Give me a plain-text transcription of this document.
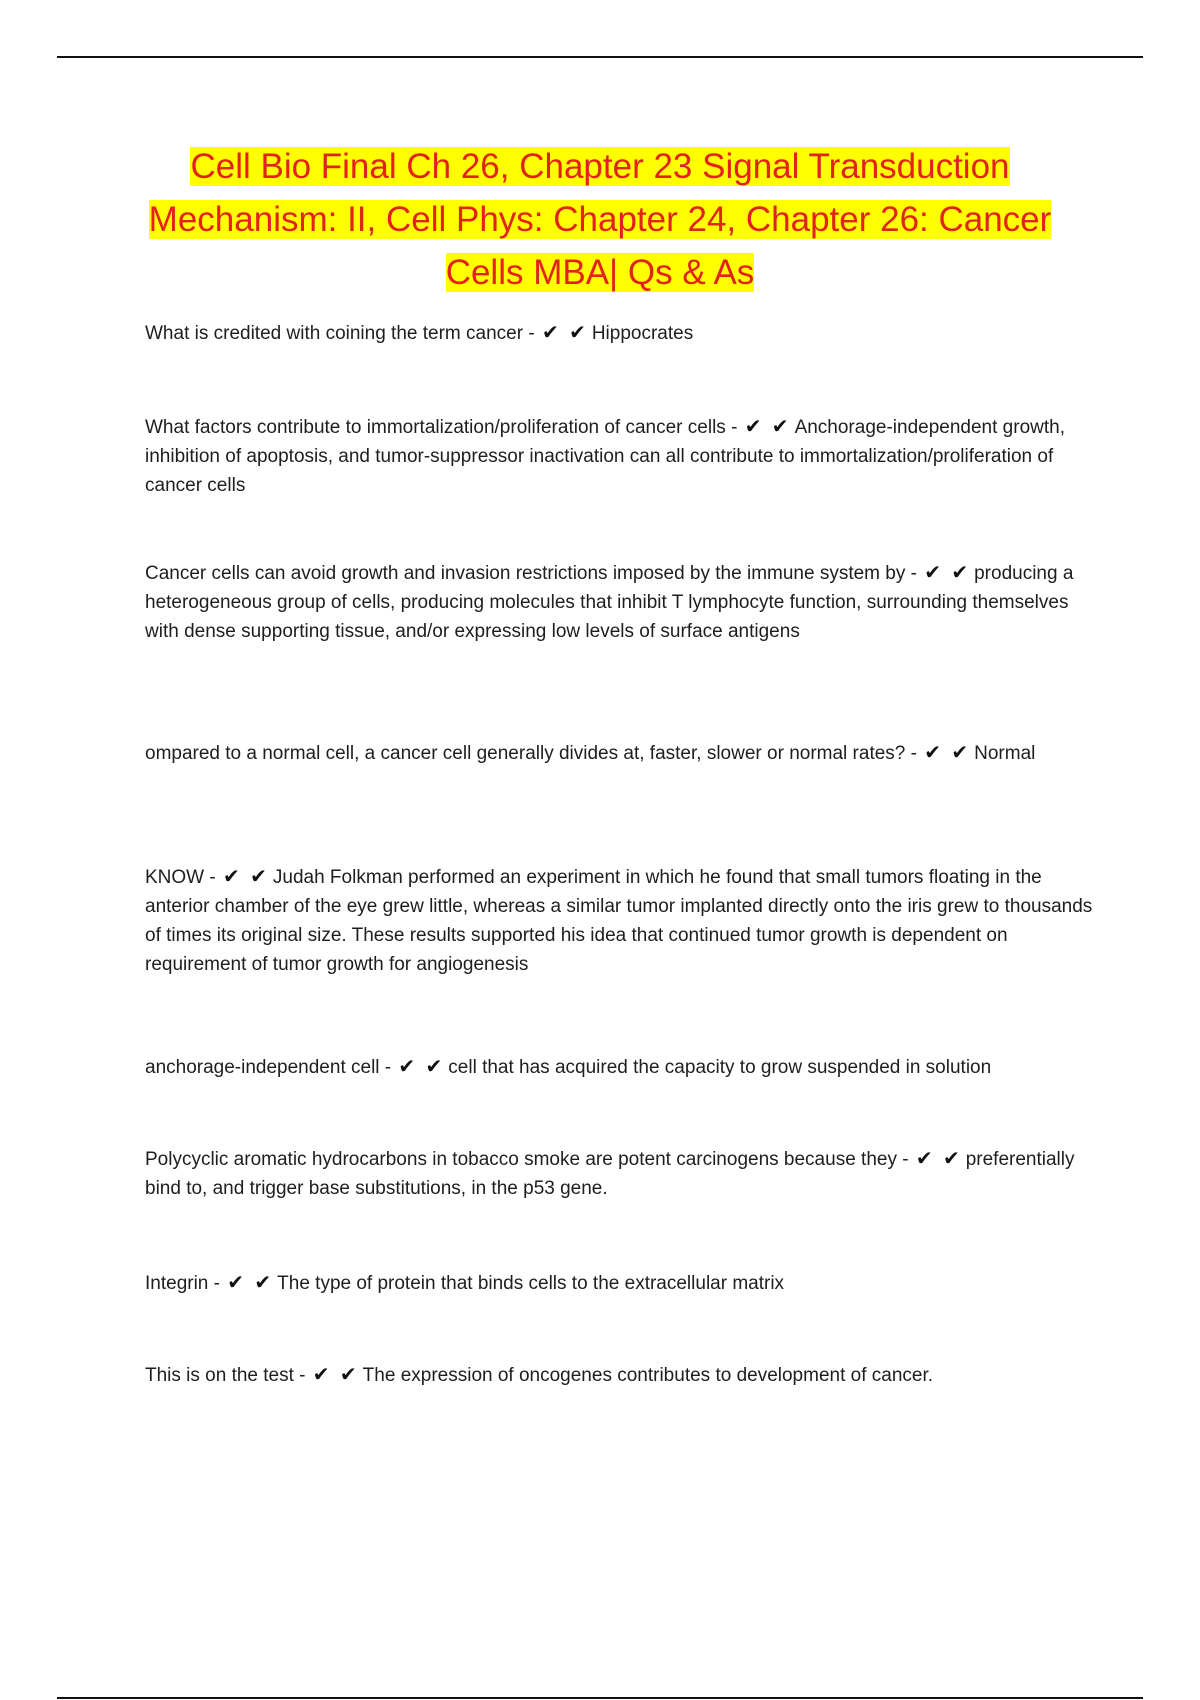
Cell Bio Final Ch 26, Chapter 23 Signal Transduction Mechanism: II, Cell Phys: Chapter 24, Chapter 26: Cancer Cells MBA| Qs & As
What is credited with coining the term cancer - ✔ ✔ Hippocrates
What factors contribute to immortalization/proliferation of cancer cells - ✔ ✔ Anchorage-independent growth, inhibition of apoptosis, and tumor-suppressor inactivation can all contribute to immortalization/proliferation of cancer cells
Cancer cells can avoid growth and invasion restrictions imposed by the immune system by - ✔ ✔ producing a heterogeneous group of cells, producing molecules that inhibit T lymphocyte function, surrounding themselves with dense supporting tissue, and/or expressing low levels of surface antigens
ompared to a normal cell, a cancer cell generally divides at, faster, slower or normal rates? - ✔ ✔ Normal
KNOW - ✔ ✔ Judah Folkman performed an experiment in which he found that small tumors floating in the anterior chamber of the eye grew little, whereas a similar tumor implanted directly onto the iris grew to thousands of times its original size. These results supported his idea that continued tumor growth is dependent on requirement of tumor growth for angiogenesis
anchorage-independent cell - ✔ ✔ cell that has acquired the capacity to grow suspended in solution
Polycyclic aromatic hydrocarbons in tobacco smoke are potent carcinogens because they - ✔ ✔ preferentially bind to, and trigger base substitutions, in the p53 gene.
Integrin - ✔ ✔ The type of protein that binds cells to the extracellular matrix
This is on the test - ✔ ✔ The expression of oncogenes contributes to development of cancer.
